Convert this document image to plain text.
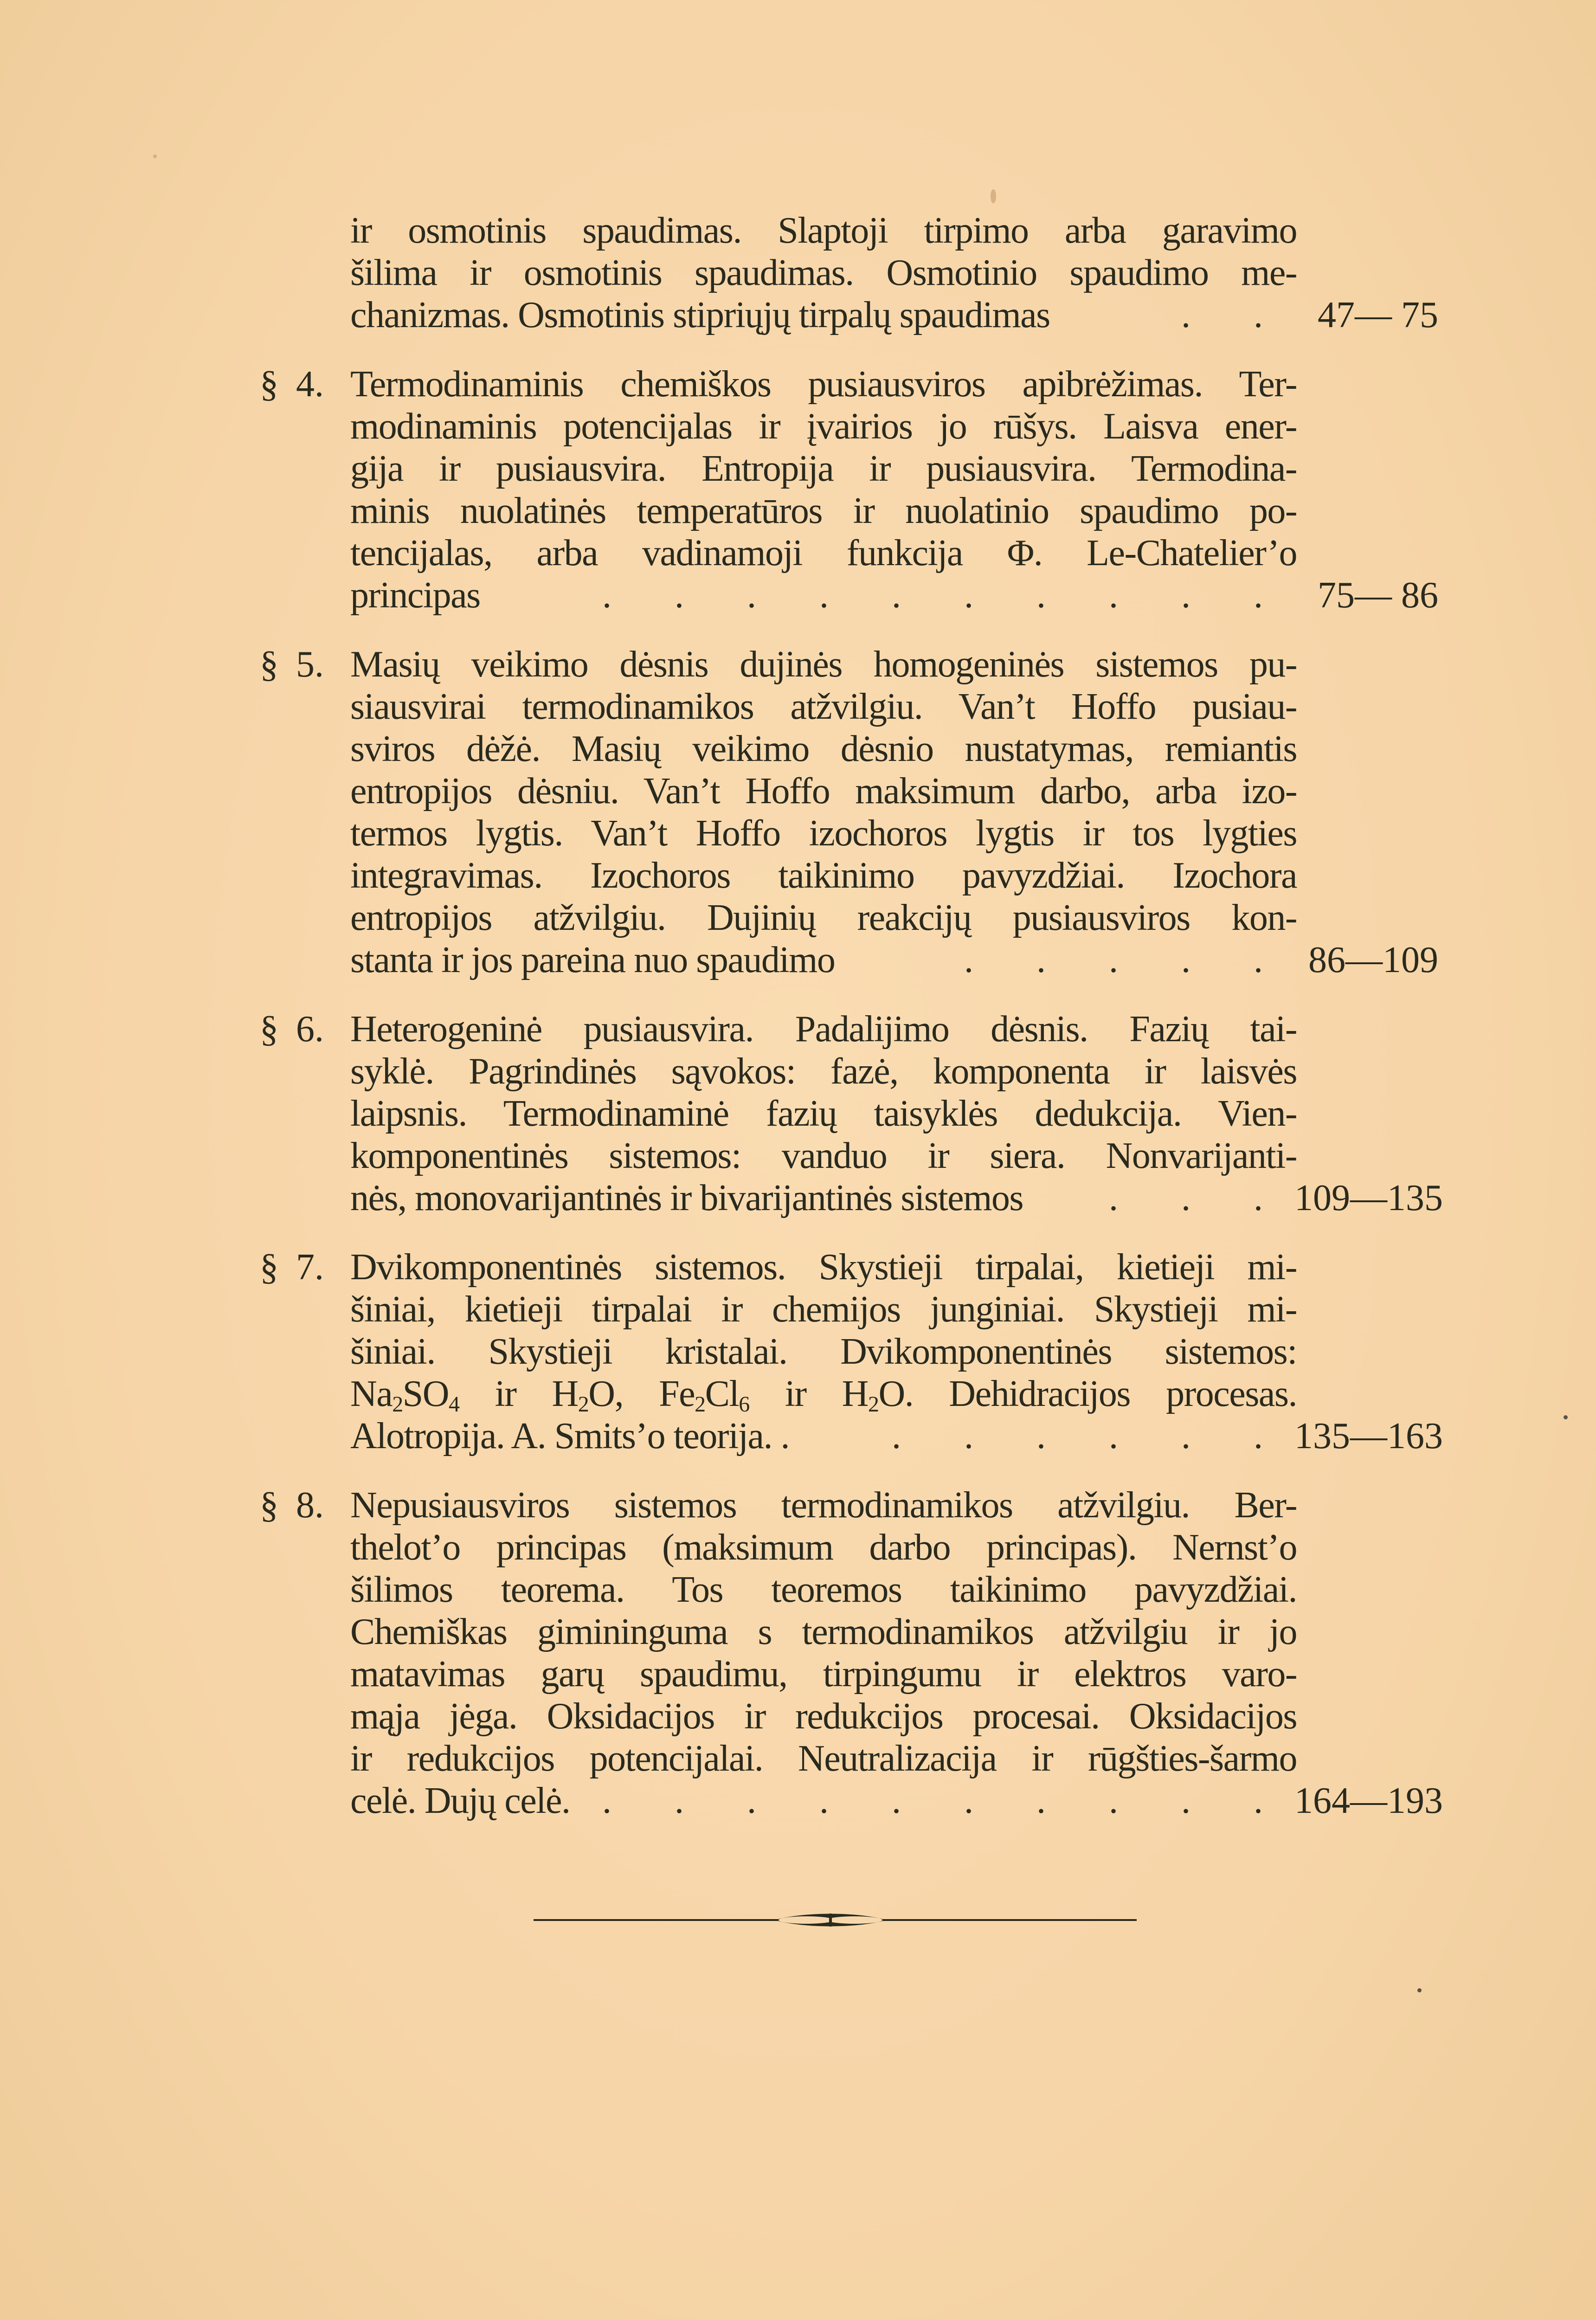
ir osmotinis spaudimas. Slaptoji tirpimo arba garavimo
šilima ir osmotinis spaudimas. Osmotinio spaudimo me-
chanizmas. Osmotinis stipriųjų tirpalų spaudimas	. . 47— 75
§ 4. Termodinaminis chemiškos pusiausviros apibrėžimas. Ter-
modinaminis potencijalas ir įvairios jo rūšys. Laisva ener-
gija ir pusiausvira. Entropija ir pusiausvira. Termodina-
minis nuolatinės temperatūros ir nuolatinio spaudimo po-
tencijalas, arba vadinamoji funkcija Φ. Le-Chatelier’o
principas	. . . . . . . . . . 75— 86
§ 5. Masių veikimo dėsnis dujinės homogeninės sistemos pu-
siausvirai termodinamikos atžvilgiu. Van’t Hoffo pusiau-
sviros dėžė. Masių veikimo dėsnio nustatymas, remiantis
entropijos dėsniu. Van’t Hoffo maksimum darbo, arba izo-
termos lygtis. Van’t Hoffo izochoros lygtis ir tos lygties
integravimas. Izochoros taikinimo pavyzdžiai. Izochora
entropijos atžvilgiu. Dujinių reakcijų pusiausviros kon-
stanta ir jos pareina nuo spaudimo	. . . . . 86—109
§ 6. Heterogeninė pusiausvira. Padalijimo dėsnis. Fazių tai-
syklė. Pagrindinės sąvokos: fazė, komponenta ir laisvės
laipsnis. Termodinaminė fazių taisyklės dedukcija. Vien-
komponentinės sistemos: vanduo ir siera. Nonvarijanti-
nės, monovarijantinės ir bivarijantinės sistemos	. . . 109—135
§ 7. Dvikomponentinės sistemos. Skystieji tirpalai, kietieji mi-
šiniai, kietieji tirpalai ir chemijos junginiai. Skystieji mi-
šiniai. Skystieji kristalai. Dvikomponentinės sistemos:
$Na_2SO_4$ ir $H_2O$, $Fe_2Cl_6$ ir $H_2O$. Dehidracijos procesas.
Alotropija. A. Smits’o teorija. .	. . . . . . 135—163
§ 8. Nepusiausviros sistemos termodinamikos atžvilgiu. Ber-
thelot’o principas (maksimum darbo principas). Nernst’o
šilimos teorema. Tos teoremos taikinimo pavyzdžiai.
Chemiškas gimininguma s termodinamikos atžvilgiu ir jo
matavimas garų spaudimu, tirpingumu ir elektros varo-
mąja jėga. Oksidacijos ir redukcijos procesai. Oksidacijos
ir redukcijos potencijalai. Neutralizacija ir rūgšties-šarmo
celė. Dujų celė. . . . . . . . . . . 164—193
